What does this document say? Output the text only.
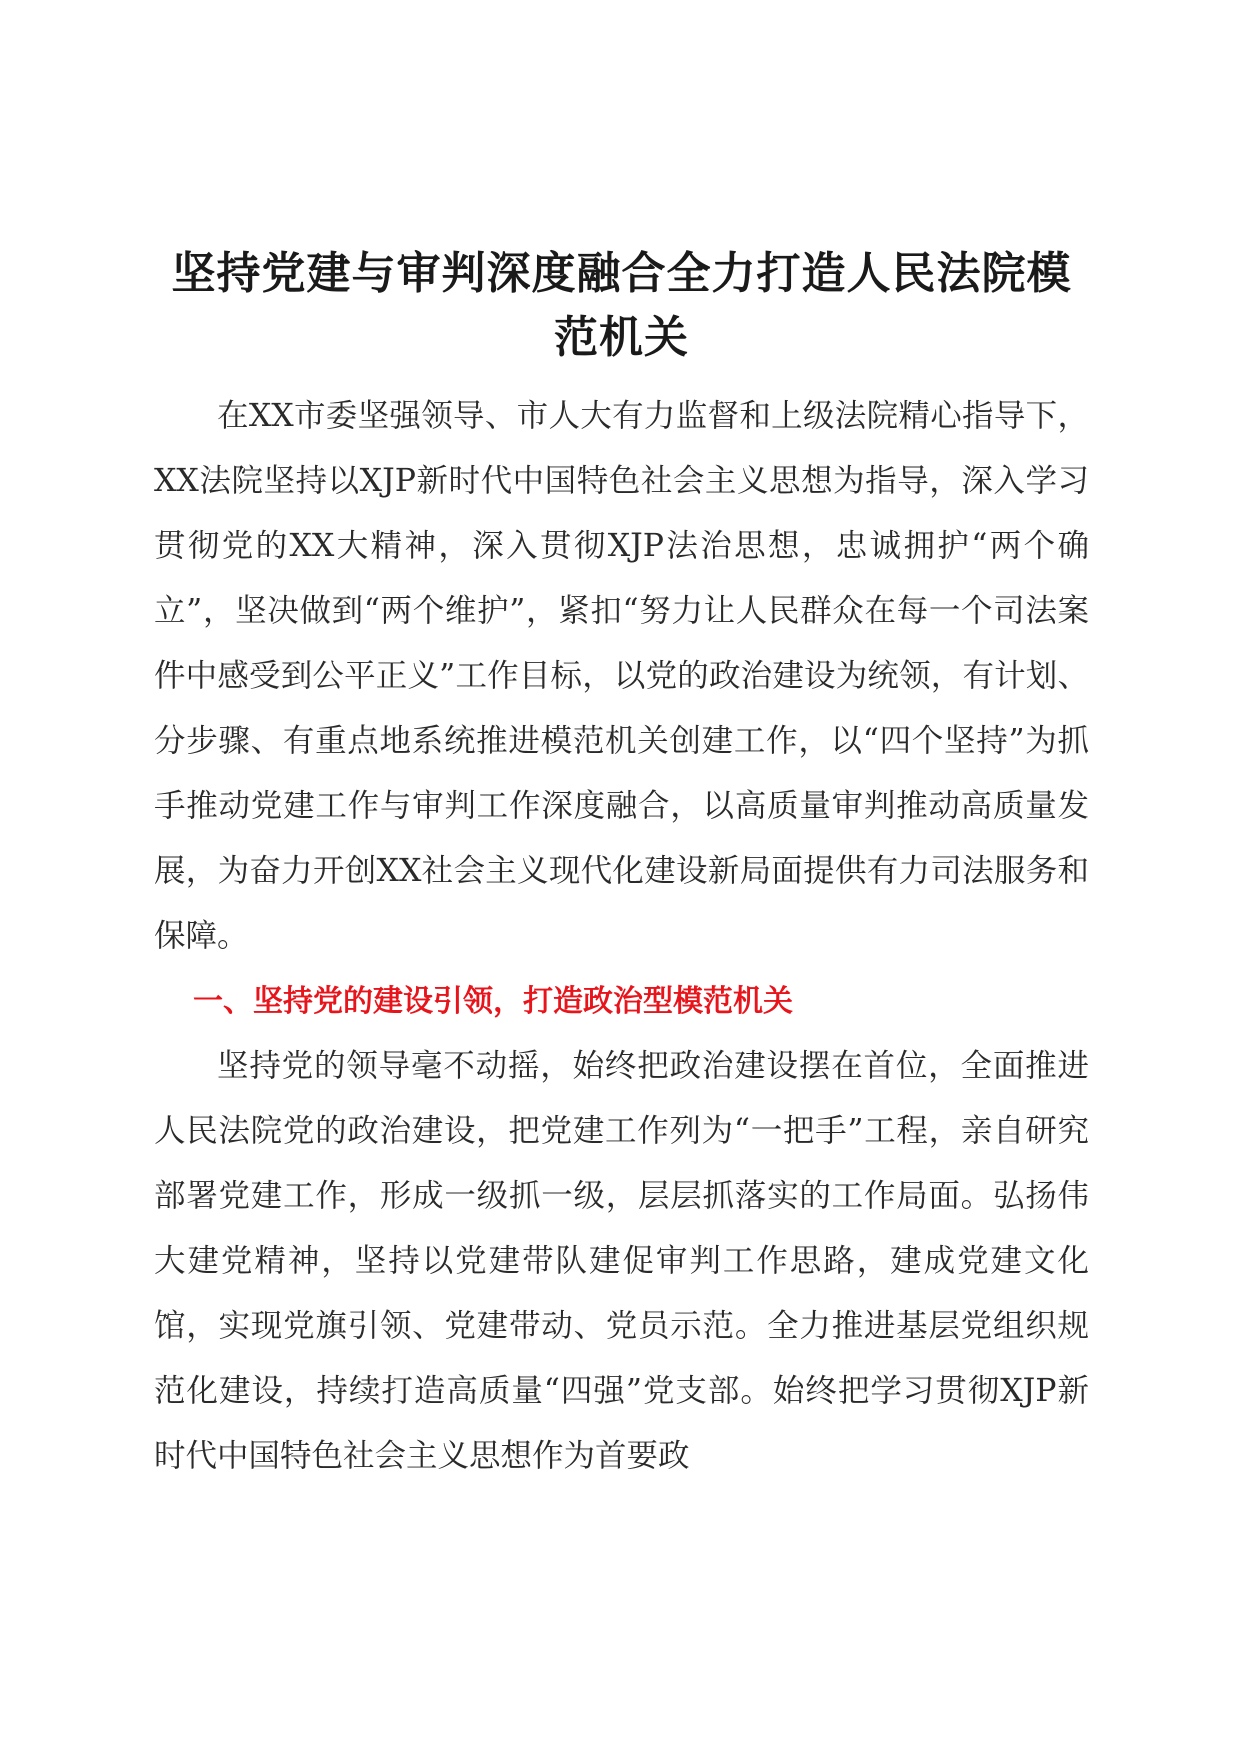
坚持党建与审判深度融合全力打造人民法院模范机关

在XX市委坚强领导、市人大有力监督和上级法院精心指导下，XX法院坚持以XJP新时代中国特色社会主义思想为指导，深入学习贯彻党的XX大精神，深入贯彻XJP法治思想，忠诚拥护“两个确立”，坚决做到“两个维护”，紧扣“努力让人民群众在每一个司法案件中感受到公平正义”工作目标，以党的政治建设为统领，有计划、分步骤、有重点地系统推进模范机关创建工作，以“四个坚持”为抓手推动党建工作与审判工作深度融合，以高质量审判推动高质量发展，为奋力开创XX社会主义现代化建设新局面提供有力司法服务和保障。

一、坚持党的建设引领，打造政治型模范机关

坚持党的领导毫不动摇，始终把政治建设摆在首位，全面推进人民法院党的政治建设，把党建工作列为“一把手”工程，亲自研究部署党建工作，形成一级抓一级，层层抓落实的工作局面。弘扬伟大建党精神，坚持以党建带队建促审判工作思路，建成党建文化馆，实现党旗引领、党建带动、党员示范。全力推进基层党组织规范化建设，持续打造高质量“四强”党支部。始终把学习贯彻XJP新时代中国特色社会主义思想作为首要政
